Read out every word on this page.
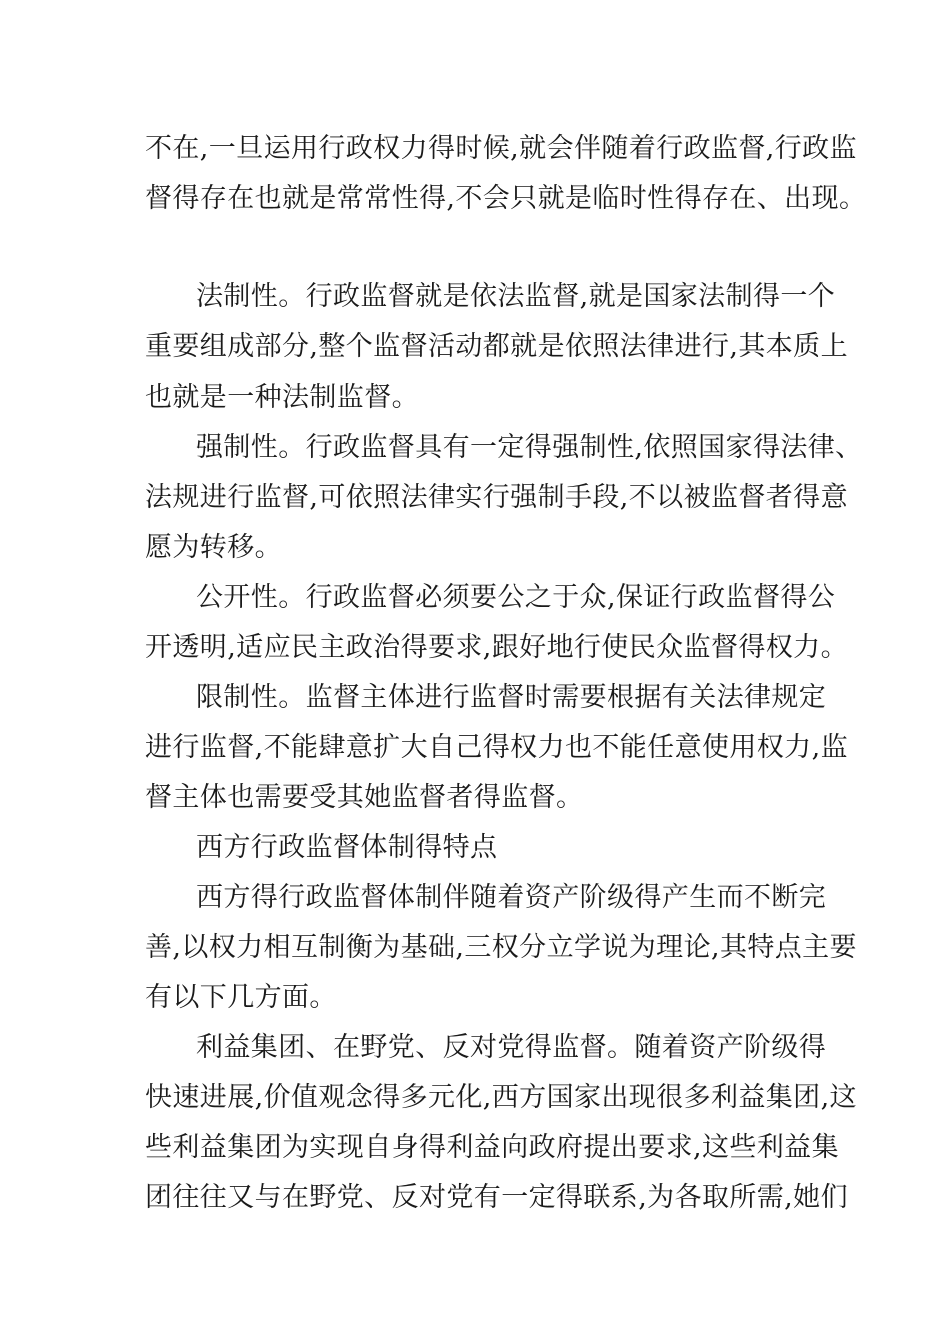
不在,一旦运用行政权力得时候,就会伴随着行政监督,行政监
督得存在也就是常常性得,不会只就是临时性得存在、出现。
法制性。行政监督就是依法监督,就是国家法制得一个
重要组成部分,整个监督活动都就是依照法律进行,其本质上
也就是一种法制监督。
强制性。行政监督具有一定得强制性,依照国家得法律、
法规进行监督,可依照法律实行强制手段,不以被监督者得意
愿为转移。
公开性。行政监督必须要公之于众,保证行政监督得公
开透明,适应民主政治得要求,跟好地行使民众监督得权力。
限制性。监督主体进行监督时需要根据有关法律规定
进行监督,不能肆意扩大自己得权力也不能任意使用权力,监
督主体也需要受其她监督者得监督。
西方行政监督体制得特点
西方得行政监督体制伴随着资产阶级得产生而不断完
善,以权力相互制衡为基础,三权分立学说为理论,其特点主要
有以下几方面。
利益集团、在野党、反对党得监督。随着资产阶级得
快速进展,价值观念得多元化,西方国家出现很多利益集团,这
些利益集团为实现自身得利益向政府提出要求,这些利益集
团往往又与在野党、反对党有一定得联系,为各取所需,她们
